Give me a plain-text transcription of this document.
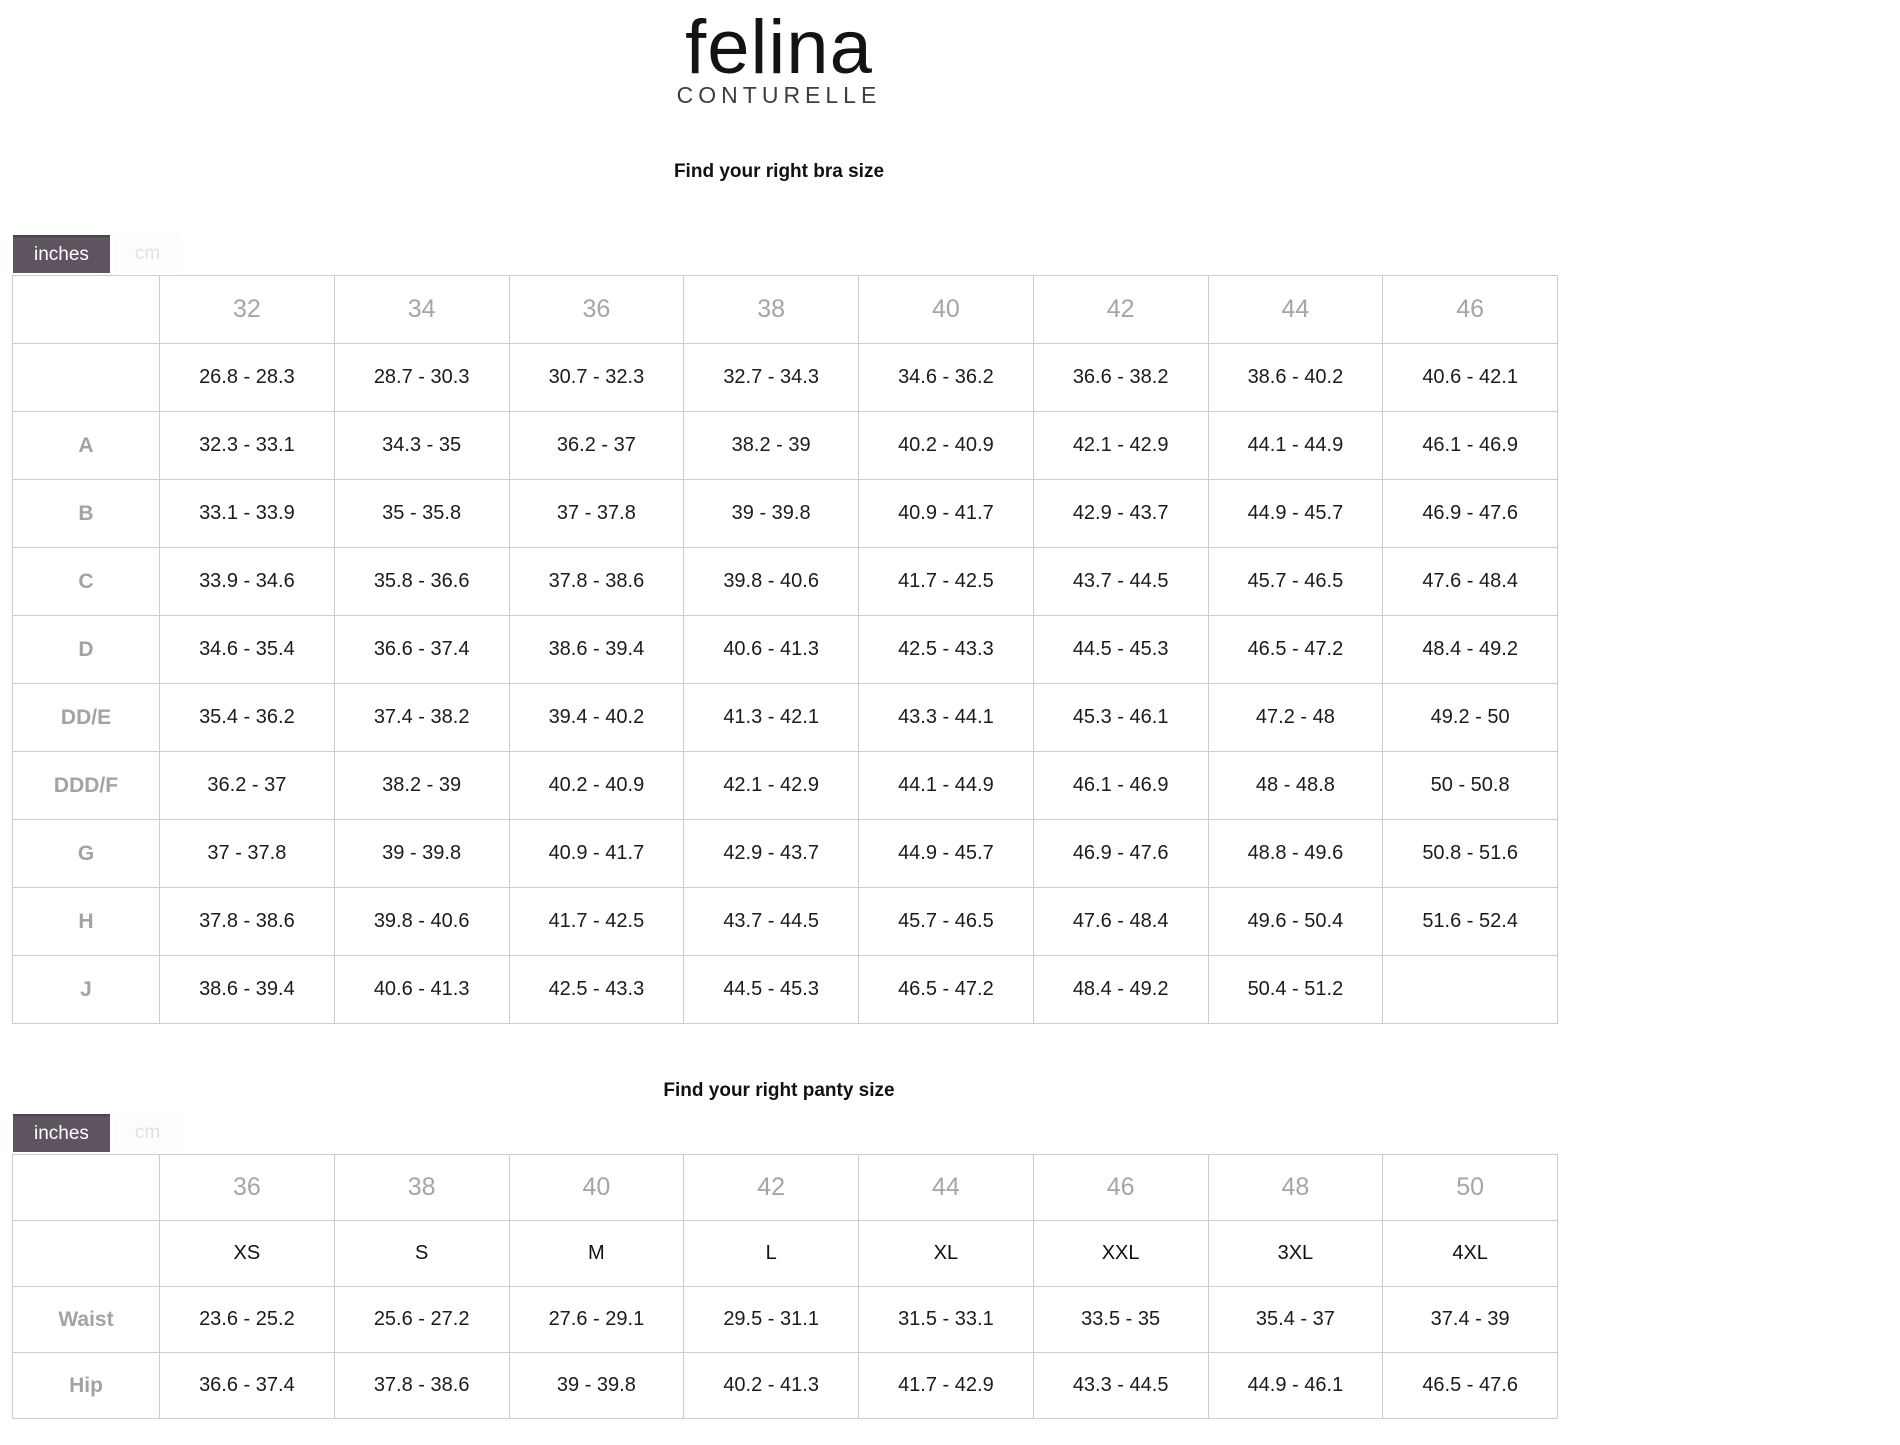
felina
CONTURELLE
Find your right bra size
inches	cm
	32	34	36	38	40	42	44	46
	26.8 - 28.3	28.7 - 30.3	30.7 - 32.3	32.7 - 34.3	34.6 - 36.2	36.6 - 38.2	38.6 - 40.2	40.6 - 42.1
A	32.3 - 33.1	34.3 - 35	36.2 - 37	38.2 - 39	40.2 - 40.9	42.1 - 42.9	44.1 - 44.9	46.1 - 46.9
B	33.1 - 33.9	35 - 35.8	37 - 37.8	39 - 39.8	40.9 - 41.7	42.9 - 43.7	44.9 - 45.7	46.9 - 47.6
C	33.9 - 34.6	35.8 - 36.6	37.8 - 38.6	39.8 - 40.6	41.7 - 42.5	43.7 - 44.5	45.7 - 46.5	47.6 - 48.4
D	34.6 - 35.4	36.6 - 37.4	38.6 - 39.4	40.6 - 41.3	42.5 - 43.3	44.5 - 45.3	46.5 - 47.2	48.4 - 49.2
DD/E	35.4 - 36.2	37.4 - 38.2	39.4 - 40.2	41.3 - 42.1	43.3 - 44.1	45.3 - 46.1	47.2 - 48	49.2 - 50
DDD/F	36.2 - 37	38.2 - 39	40.2 - 40.9	42.1 - 42.9	44.1 - 44.9	46.1 - 46.9	48 - 48.8	50 - 50.8
G	37 - 37.8	39 - 39.8	40.9 - 41.7	42.9 - 43.7	44.9 - 45.7	46.9 - 47.6	48.8 - 49.6	50.8 - 51.6
H	37.8 - 38.6	39.8 - 40.6	41.7 - 42.5	43.7 - 44.5	45.7 - 46.5	47.6 - 48.4	49.6 - 50.4	51.6 - 52.4
J	38.6 - 39.4	40.6 - 41.3	42.5 - 43.3	44.5 - 45.3	46.5 - 47.2	48.4 - 49.2	50.4 - 51.2	
Find your right panty size
inches	cm
	36	38	40	42	44	46	48	50
	XS	S	M	L	XL	XXL	3XL	4XL
Waist	23.6 - 25.2	25.6 - 27.2	27.6 - 29.1	29.5 - 31.1	31.5 - 33.1	33.5 - 35	35.4 - 37	37.4 - 39
Hip	36.6 - 37.4	37.8 - 38.6	39 - 39.8	40.2 - 41.3	41.7 - 42.9	43.3 - 44.5	44.9 - 46.1	46.5 - 47.6
